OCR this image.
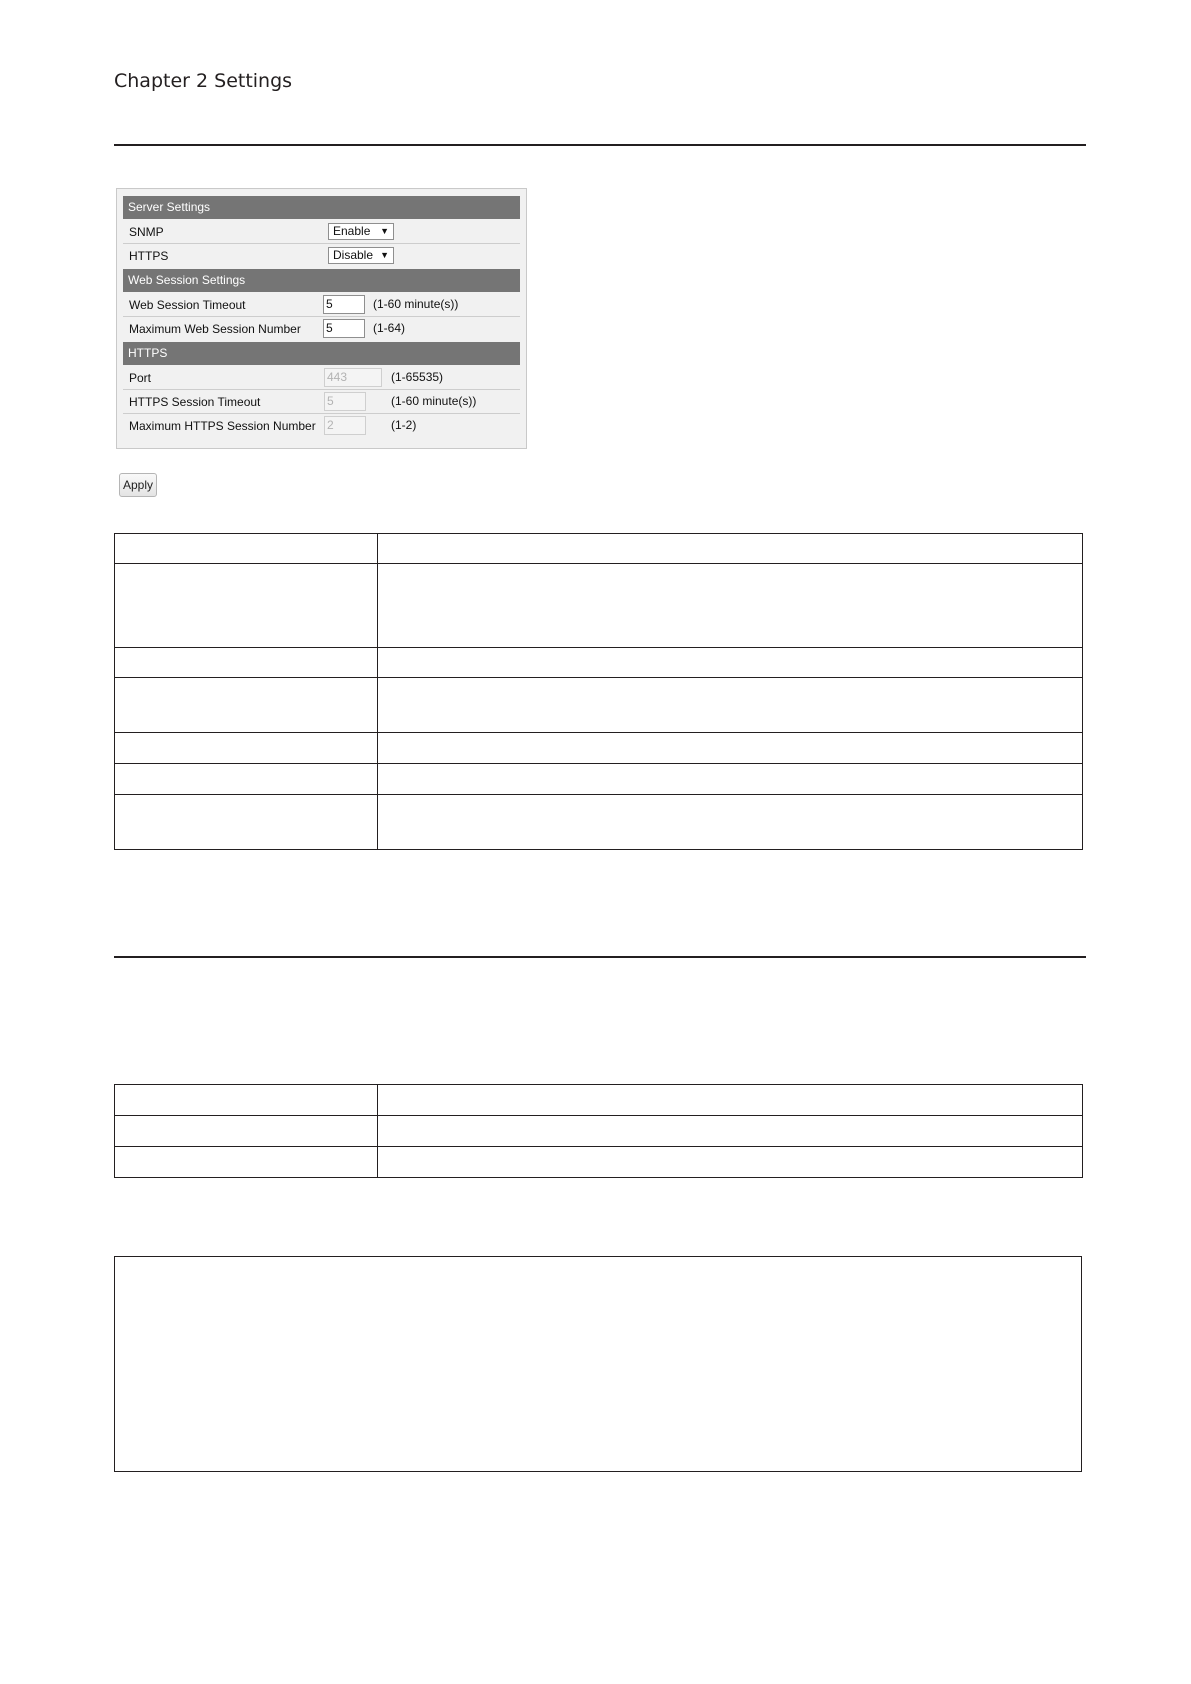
Chapter 2 Settings
Server Settings
SNMP	Enable ▼
HTTPS	Disable ▼
Web Session Settings
Web Session Timeout	5	(1-60 minute(s))
Maximum Web Session Number 5	(1-64)
HTTPS
Port	443	(1-65535)
HTTPS Session Timeout	5	(1-60 minute(s))
Maximum HTTPS Session Number 2	(1-2)
Apply
